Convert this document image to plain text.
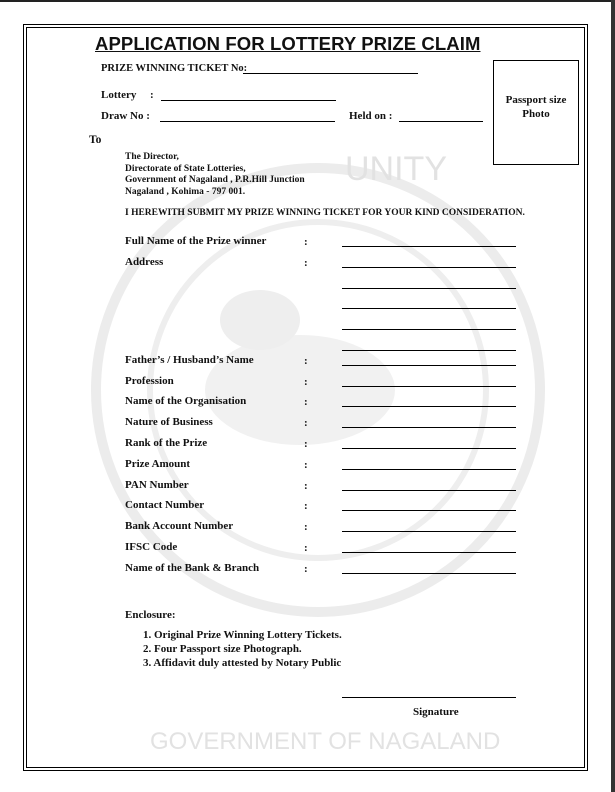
UNITY
GOVERNMENT OF NAGALAND
APPLICATION FOR LOTTERY PRIZE CLAIM
PRIZE WINNING TICKET No:
Lottery :
Draw No :	Held on :
Passport size
Photo
To
The Director,
Directorate of State Lotteries,
Government of Nagaland , P.R.Hill Junction
Nagaland , Kohima - 797 001.
I HEREWITH SUBMIT MY PRIZE WINNING TICKET FOR YOUR KIND CONSIDERATION.
Full Name of the Prize winner	:
Address	:
Father’s / Husband’s Name	:
Profession	:
Name of the Organisation	:
Nature of Business	:
Rank of the Prize	:
Prize Amount	:
PAN Number	:
Contact Number	:
Bank Account Number	:
IFSC Code	:
Name of the Bank & Branch	:
Enclosure:
1. Original Prize Winning Lottery Tickets.
2. Four Passport size Photograph.
3. Affidavit duly attested by Notary Public
Signature
